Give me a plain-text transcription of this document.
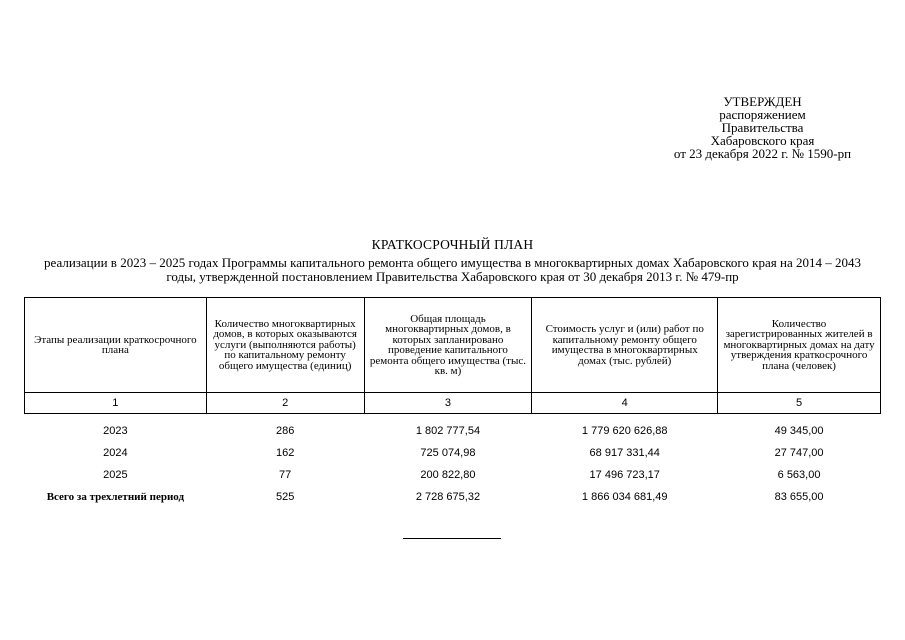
УТВЕРЖДЕН
распоряжением
Правительства
Хабаровского края
от 23 декабря 2022 г. № 1590-рп
КРАТКОСРОЧНЫЙ ПЛАН
реализации в 2023 – 2025 годах Программы капитального ремонта общего имущества в многоквартирных домах Хабаровского края на 2014 – 2043 годы, утвержденной постановлением Правительства Хабаровского края от 30 декабря 2013 г. № 479-пр
Этапы реализации краткосрочного плана	Количество многоквартирных домов, в которых оказываются услуги (выполняются работы) по капитальному ремонту общего имущества (единиц)	Общая площадь многоквартирных домов, в которых запланировано проведение капитального ремонта общего имущества (тыс. кв. м)	Стоимость услуг и (или) работ по капитальному ремонту общего имущества в многоквартирных домах (тыс. рублей)	Количество зарегистрированных жителей в многоквартирных домах на дату утверждения краткосрочного плана (человек)
1	2	3	4	5
2023	286	1 802 777,54	1 779 620 626,88	49 345,00
2024	162	725 074,98	68 917 331,44	27 747,00
2025	77	200 822,80	17 496 723,17	6 563,00
Всего за трехлетний период	525	2 728 675,32	1 866 034 681,49	83 655,00
